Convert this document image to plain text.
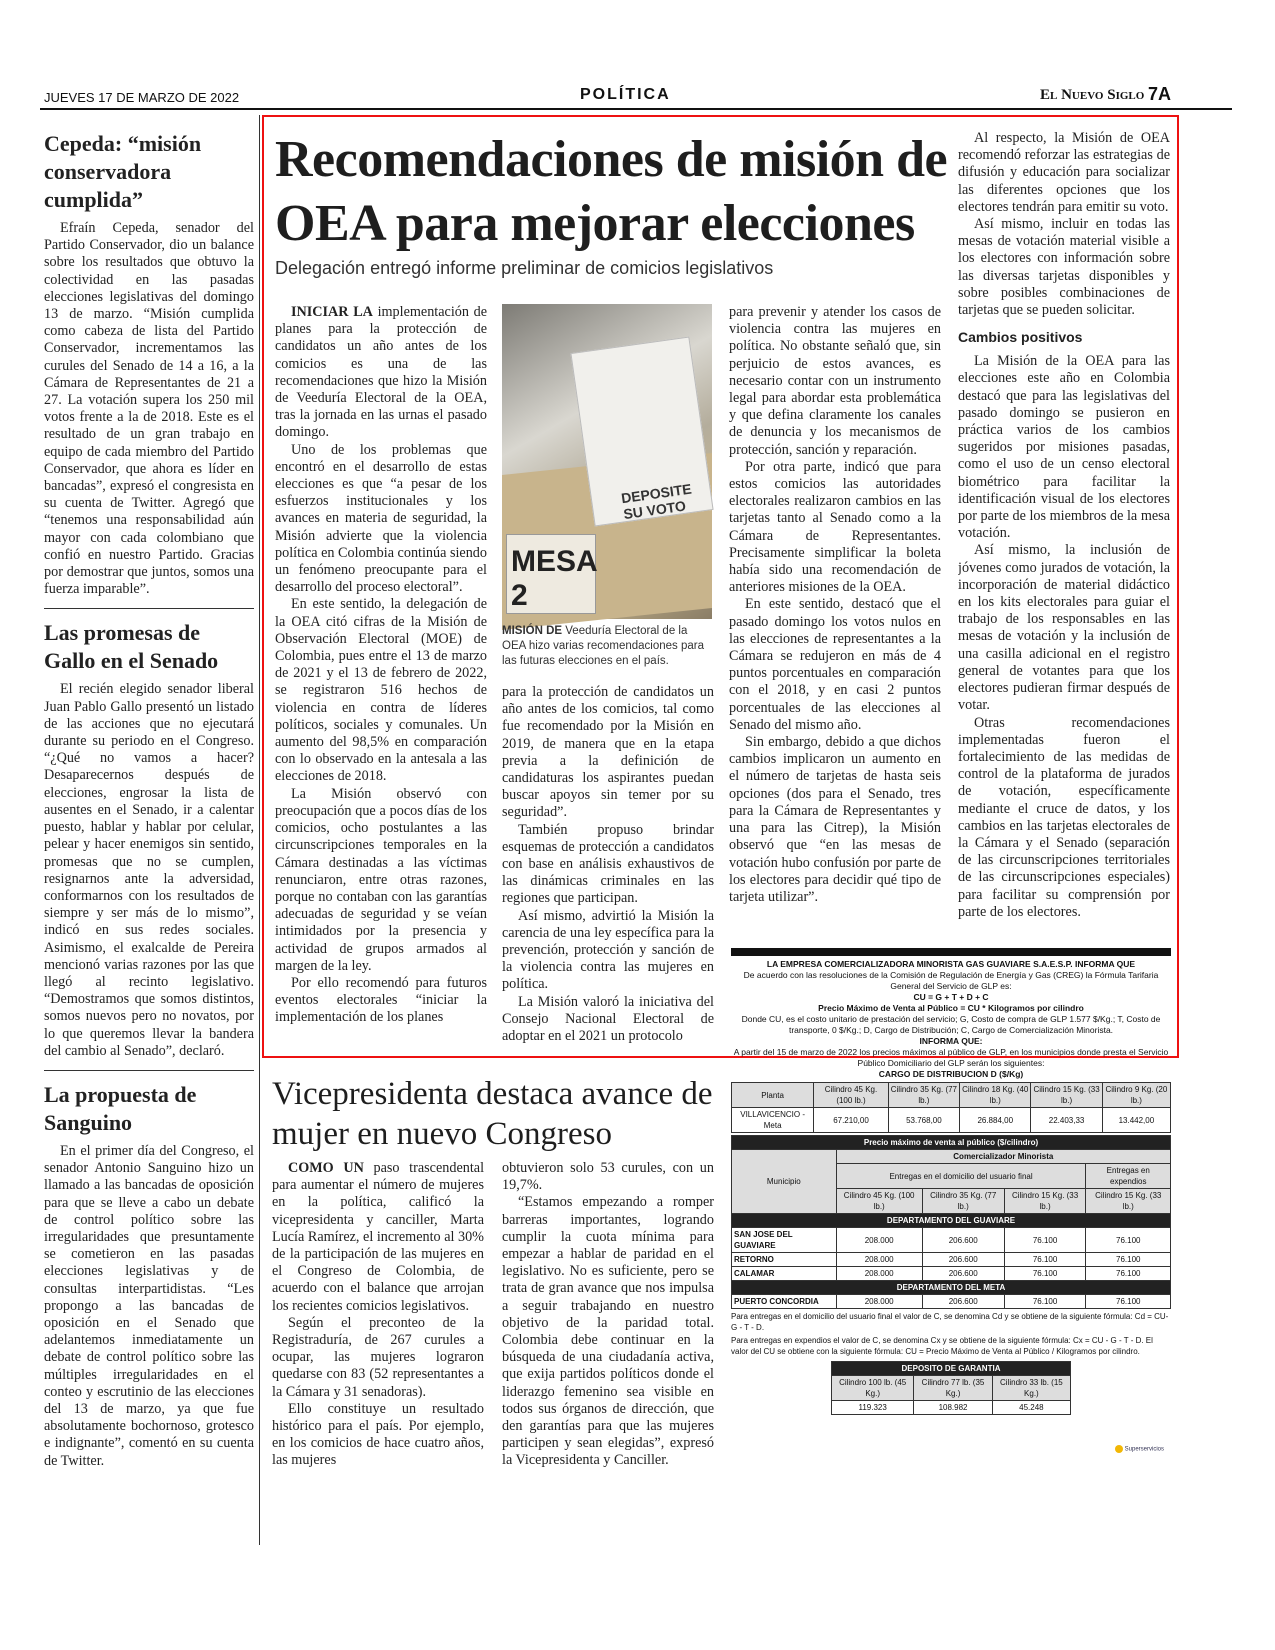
JUEVES 17 DE MARZO DE 2022	POLÍTICA	El Nuevo Siglo 7A
Cepeda: “misión conservadora cumplida”

Efraín Cepeda, senador del Partido Conservador, dio un balance sobre los resultados que obtuvo la colectividad en las pasadas elecciones legislativas del domingo 13 de marzo. “Misión cumplida como cabeza de lista del Partido Conservador, incrementamos las curules del Senado de 14 a 16, a la Cámara de Representantes de 21 a 27. La votación supera los 250 mil votos frente a la de 2018. Este es el resultado de un gran trabajo en equipo de cada miembro del Partido Conservador, que ahora es líder en bancadas”, expresó el congresista en su cuenta de Twitter. Agregó que “tenemos una responsabilidad aún mayor con cada colombiano que confió en nuestro Partido. Gracias por demostrar que juntos, somos una fuerza imparable”.

Las promesas de Gallo en el Senado

El recién elegido senador liberal Juan Pablo Gallo presentó un listado de las acciones que no ejecutará durante su periodo en el Congreso. “¿Qué no vamos a hacer? Desaparecernos después de elecciones, engrosar la lista de ausentes en el Senado, ir a calentar puesto, hablar y hablar por celular, pelear y hacer enemigos sin sentido, promesas que no se cumplen, resignarnos ante la adversidad, conformarnos con los resultados de siempre y ser más de lo mismo”, indicó en sus redes sociales. Asimismo, el exalcalde de Pereira mencionó varias razones por las que llegó al recinto legislativo. “Demostramos que somos distintos, somos nuevos pero no novatos, por lo que queremos llevar la bandera del cambio al Senado”, declaró.

La propuesta de Sanguino

En el primer día del Congreso, el senador Antonio Sanguino hizo un llamado a las bancadas de oposición para que se lleve a cabo un debate de control político sobre las irregularidades que presuntamente se cometieron en las pasadas elecciones legislativas y de consultas interpartidistas. “Les propongo a las bancadas de oposición en el Senado que adelantemos inmediatamente un debate de control político sobre las múltiples irregularidades en el conteo y escrutinio de las elecciones del 13 de marzo, ya que fue absolutamente bochornoso, grotesco e indignante”, comentó en su cuenta de Twitter.

Recomendaciones de misión de OEA para mejorar elecciones
Delegación entregó informe preliminar de comicios legislativos

INICIAR LA implementación de planes para la protección de candidatos un año antes de los comicios es una de las recomendaciones que hizo la Misión de Veeduría Electoral de la OEA, tras la jornada en las urnas el pasado domingo.

Uno de los problemas que encontró en el desarrollo de estas elecciones es que “a pesar de los esfuerzos institucionales y los avances en materia de seguridad, la Misión advierte que la violencia política en Colombia continúa siendo un fenómeno preocupante para el desarrollo del proceso electoral”.

En este sentido, la delegación de la OEA citó cifras de la Misión de Observación Electoral (MOE) de Colombia, pues entre el 13 de marzo de 2021 y el 13 de febrero de 2022, se registraron 516 hechos de violencia en contra de líderes políticos, sociales y comunales. Un aumento del 98,5% en comparación con lo observado en la antesala a las elecciones de 2018.

La Misión observó con preocupación que a pocos días de los comicios, ocho postulantes a las circunscripciones temporales en la Cámara destinadas a las víctimas renunciaron, entre otras razones, porque no contaban con las garantías adecuadas de seguridad y se veían intimidados por la presencia y actividad de grupos armados al margen de la ley.

Por ello recomendó para futuros eventos electorales “iniciar la implementación de los planes

DEPOSITE SU VOTO
MESA 2
MISIÓN DE Veeduría Electoral de la OEA hizo varias recomendaciones para las futuras elecciones en el país.

para la protección de candidatos un año antes de los comicios, tal como fue recomendado por la Misión en 2019, de manera que en la etapa previa a la definición de candidaturas los aspirantes puedan buscar apoyos sin temer por su seguridad”.

También propuso brindar esquemas de protección a candidatos con base en análisis exhaustivos de las dinámicas criminales en las regiones que participan.

Así mismo, advirtió la Misión la carencia de una ley específica para la prevención, protección y sanción de la violencia contra las mujeres en política.

La Misión valoró la iniciativa del Consejo Nacional Electoral de adoptar en el 2021 un protocolo

para prevenir y atender los casos de violencia contra las mujeres en política. No obstante señaló que, sin perjuicio de estos avances, es necesario contar con un instrumento legal para abordar esta problemática y que defina claramente los canales de denuncia y los mecanismos de protección, sanción y reparación.

Por otra parte, indicó que para estos comicios las autoridades electorales realizaron cambios en las tarjetas tanto al Senado como a la Cámara de Representantes. Precisamente simplificar la boleta había sido una recomendación de anteriores misiones de la OEA.

En este sentido, destacó que el pasado domingo los votos nulos en las elecciones de representantes a la Cámara se redujeron en más de 4 puntos porcentuales en comparación con el 2018, y en casi 2 puntos porcentuales de las elecciones al Senado del mismo año.

Sin embargo, debido a que dichos cambios implicaron un aumento en el número de tarjetas de hasta seis opciones (dos para el Senado, tres para la Cámara de Representantes y una para las Citrep), la Misión observó que “en las mesas de votación hubo confusión por parte de los electores para decidir qué tipo de tarjeta utilizar”.

Al respecto, la Misión de OEA recomendó reforzar las estrategias de difusión y educación para socializar las diferentes opciones que los electores tendrán para emitir su voto.

Así mismo, incluir en todas las mesas de votación material visible a los electores con información sobre las diversas tarjetas disponibles y sobre posibles combinaciones de tarjetas que se pueden solicitar.

Cambios positivos

La Misión de la OEA para las elecciones este año en Colombia destacó que para las legislativas del pasado domingo se pusieron en práctica varios de los cambios sugeridos por misiones pasadas, como el uso de un censo electoral biométrico para facilitar la identificación visual de los electores por parte de los miembros de la mesa votación.

Así mismo, la inclusión de jóvenes como jurados de votación, la incorporación de material didáctico en los kits electorales para guiar el trabajo de los responsables en las mesas de votación y la inclusión de una casilla adicional en el registro general de votantes para que los electores pudieran firmar después de votar.

Otras recomendaciones implementadas fueron el fortalecimiento de las medidas de control de la plataforma de jurados de votación, específicamente mediante el cruce de datos, y los cambios en las tarjetas electorales de la Cámara y el Senado (separación de las circunscripciones territoriales de las circunscripciones especiales) para facilitar su comprensión por parte de los electores.

Vicepresidenta destaca avance de mujer en nuevo Congreso

COMO UN paso trascendental para aumentar el número de mujeres en la política, calificó la vicepresidenta y canciller, Marta Lucía Ramírez, el incremento al 30% de la participación de las mujeres en el Congreso de Colombia, de acuerdo con el balance que arrojan los recientes comicios legislativos.

Según el preconteo de la Registraduría, de 267 curules a ocupar, las mujeres lograron quedarse con 83 (52 representantes a la Cámara y 31 senadoras).

Ello constituye un resultado histórico para el país. Por ejemplo, en los comicios de hace cuatro años, las mujeres

obtuvieron solo 53 curules, con un 19,7%.

“Estamos empezando a romper barreras importantes, logrando cumplir la cuota mínima para empezar a hablar de paridad en el legislativo. No es suficiente, pero se trata de gran avance que nos impulsa a seguir trabajando en nuestro objetivo de la paridad total. Colombia debe continuar en la búsqueda de una ciudadanía activa, que exija partidos políticos donde el liderazgo femenino sea visible en todos sus órganos de dirección, que den garantías para que las mujeres participen y sean elegidas”, expresó la Vicepresidenta y Canciller.

LA EMPRESA COMERCIALIZADORA MINORISTA GAS GUAVIARE S.A.E.S.P. INFORMA QUE
De acuerdo con las resoluciones de la Comisión de Regulación de Energía y Gas (CREG) la Fórmula Tarifaria General del Servicio de GLP es:
CU = G + T + D + C
Precio Máximo de Venta al Público = CU * Kilogramos por cilindro
Donde CU, es el costo unitario de prestación del servicio; G, Costo de compra de GLP 1.577 $/Kg.; T, Costo de transporte, 0 $/Kg.; D, Cargo de Distribución; C, Cargo de Comercialización Minorista.
INFORMA QUE:
A partir del 15 de marzo de 2022 los precios máximos al público de GLP, en los municipios donde presta el Servicio Público Domiciliario del GLP serán los siguientes:
CARGO DE DISTRIBUCION D ($/Kg)
Planta	Cilindro 45 Kg. (100 lb.)	Cilindro 35 Kg. (77 lb.)	Cilindro 18 Kg. (40 lb.)	Cilindro 15 Kg. (33 lb.)	Cilindro 9 Kg. (20 lb.)
VILLAVICENCIO - Meta	67.210,00	53.768,00	26.884,00	22.403,33	13.442,00
Precio máximo de venta al público ($/cilindro)				
Municipio	Comercializador Minorista			
	Entregas en el domicilio del usuario final			Entregas en expendios
	Cilindro 45 Kg. (100 lb.)	Cilindro 35 Kg. (77 lb.)	Cilindro 15 Kg. (33 lb.)	Cilindro 15 Kg. (33 lb.)
DEPARTAMENTO DEL GUAVIARE				
SAN JOSE DEL GUAVIARE	208.000	206.600	76.100	76.100
RETORNO	208.000	206.600	76.100	76.100
CALAMAR	208.000	206.600	76.100	76.100
DEPARTAMENTO DEL META				
PUERTO CONCORDIA	208.000	206.600	76.100	76.100
Para entregas en el domicilio del usuario final el valor de C, se denomina Cd y se obtiene de la siguiente fórmula: Cd = CU- G - T - D.
Para entregas en expendios el valor de C, se denomina Cx y se obtiene de la siguiente fórmula: Cx = CU - G - T - D. El valor del CU se obtiene con la siguiente fórmula: CU = Precio Máximo de Venta al Público / Kilogramos por cilindro.
DEPOSITO DE GARANTIA		
Cilindro 100 lb. (45 Kg.)	Cilindro 77 lb. (35 Kg.)	Cilindro 33 lb. (15 Kg.)
119.323	108.982	45.248
Superservicios
